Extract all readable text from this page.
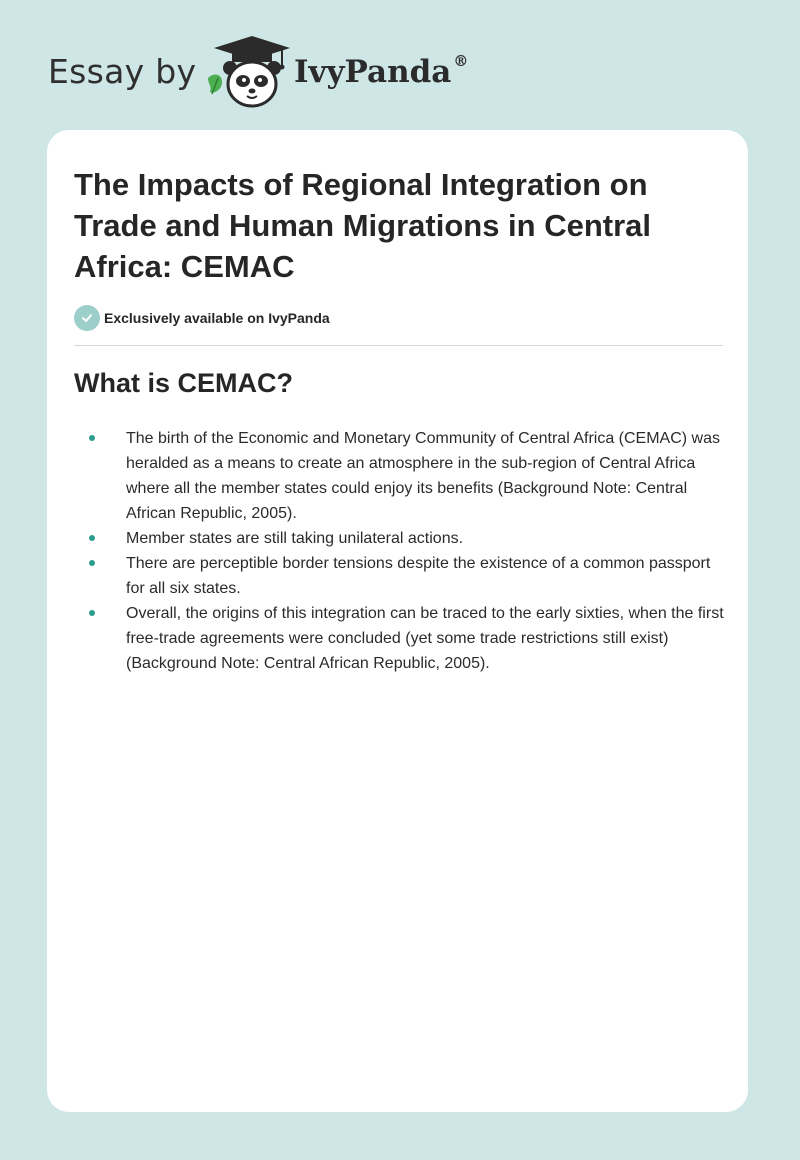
Essay by	IvyPanda ®
The Impacts of Regional Integration on Trade and Human Migrations in Central Africa: CEMAC
Exclusively available on IvyPanda
What is CEMAC?
The birth of the Economic and Monetary Community of Central Africa (CEMAC) was heralded as a means to create an atmosphere in the sub-region of Central Africa where all the member states could enjoy its benefits (Background Note: Central African Republic, 2005).
Member states are still taking unilateral actions.
There are perceptible border tensions despite the existence of a common passport for all six states.
Overall, the origins of this integration can be traced to the early sixties, when the first free-trade agreements were concluded (yet some trade restrictions still exist) (Background Note: Central African Republic, 2005).
